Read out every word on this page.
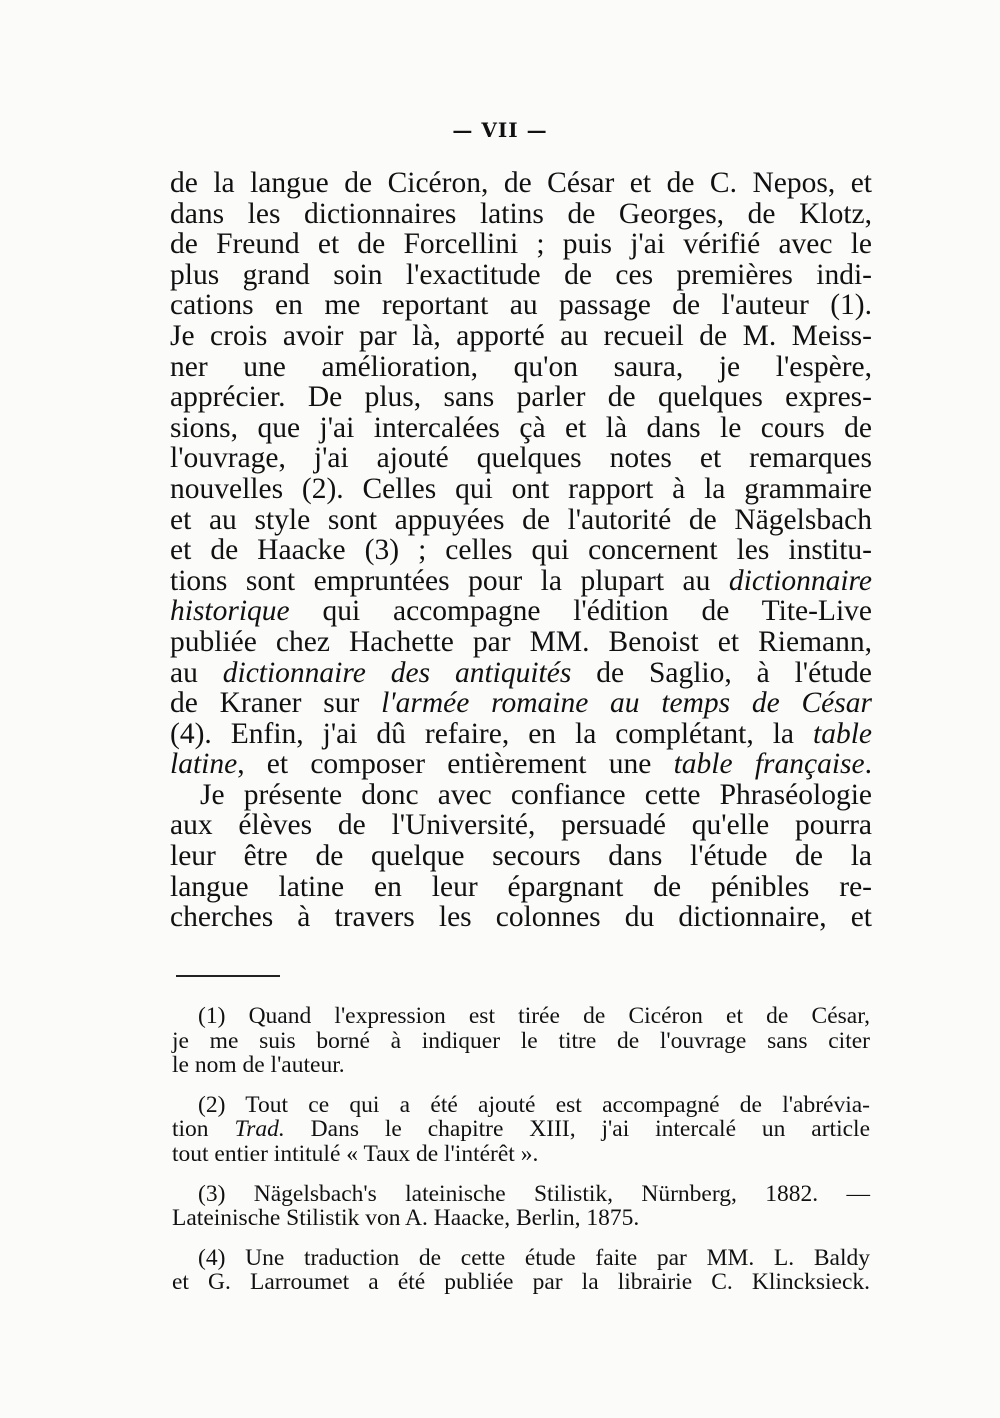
— VII —
de la langue de Cicéron, de César et de C. Nepos, et
dans les dictionnaires latins de Georges, de Klotz,
de Freund et de Forcellini ; puis j'ai vérifié avec le
plus grand soin l'exactitude de ces premières indi-
cations en me reportant au passage de l'auteur (1).
Je crois avoir par là, apporté au recueil de M. Meiss-
ner une amélioration, qu'on saura, je l'espère,
apprécier. De plus, sans parler de quelques expres-
sions, que j'ai intercalées çà et là dans le cours de
l'ouvrage, j'ai ajouté quelques notes et remarques
nouvelles (2). Celles qui ont rapport à la grammaire
et au style sont appuyées de l'autorité de Nägelsbach
et de Haacke (3) ; celles qui concernent les institu-
tions sont empruntées pour la plupart au dictionnaire
historique qui accompagne l'édition de Tite-Live
publiée chez Hachette par MM. Benoist et Riemann,
au dictionnaire des antiquités de Saglio, à l'étude
de Kraner sur l'armée romaine au temps de César
(4). Enfin, j'ai dû refaire, en la complétant, la table
latine, et composer entièrement une table française.
Je présente donc avec confiance cette Phraséologie
aux élèves de l'Université, persuadé qu'elle pourra
leur être de quelque secours dans l'étude de la
langue latine en leur épargnant de pénibles re-
cherches à travers les colonnes du dictionnaire, et
(1) Quand l'expression est tirée de Cicéron et de César,
je me suis borné à indiquer le titre de l'ouvrage sans citer
le nom de l'auteur.
(2) Tout ce qui a été ajouté est accompagné de l'abrévia-
tion Trad. Dans le chapitre XIII, j'ai intercalé un article
tout entier intitulé « Taux de l'intérêt ».
(3) Nägelsbach's lateinische Stilistik, Nürnberg, 1882. —
Lateinische Stilistik von A. Haacke, Berlin, 1875.
(4) Une traduction de cette étude faite par MM. L. Baldy
et G. Larroumet a été publiée par la librairie C. Klincksieck.
